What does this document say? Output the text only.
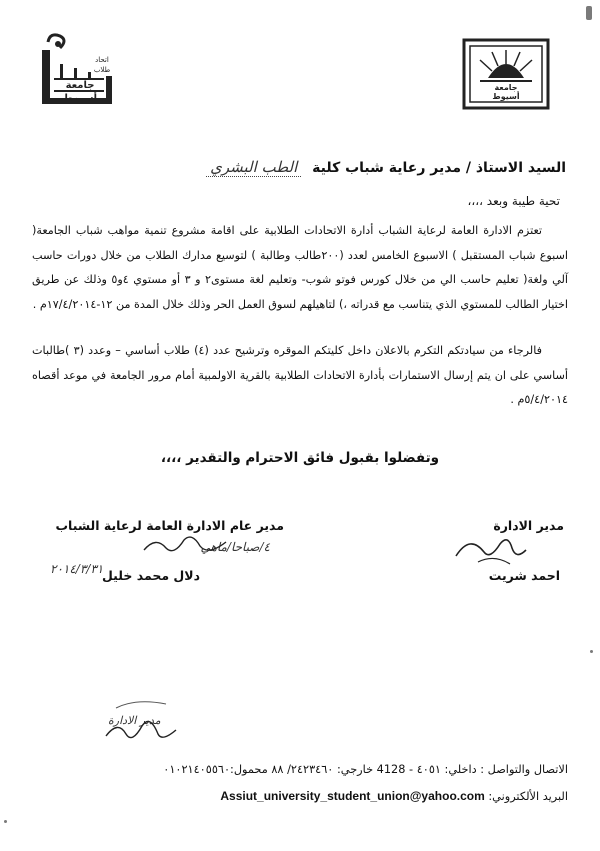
اتحاد
طلاب
جامعة
أسيوط
جامعة
أسيوط
السيد الاستاذ / مدير رعاية شباب كلية الطب البشري
تحية طيبة وبعد ،،،،
تعتزم الادارة العامة لرعاية الشباب أدارة الاتحادات الطلابية على اقامة مشروع تنمية مواهب شباب الجامعة( اسبوع شباب المستقبل ) الاسبوع الخامس لعدد (٢٠٠طالب وطالبة ) لتوسيع مدارك الطلاب من خلال دورات حاسب آلي ولغة( تعليم حاسب الي من خلال كورس فوتو شوب- وتعليم لغة مستوى٢ و ٣ أو مستوي ٤و٥ وذلك عن طريق اختيار الطالب للمستوي الذي يتناسب مع قدراته ،) لتاهيلهم لسوق العمل الحر وذلك خلال المدة من ١٢-١٧/٤/٢٠١٤م .
فالرجاء من سيادتكم التكرم بالاعلان داخل كليتكم الموقره وترشيح عدد (٤) طلاب أساسي – وعدد (٣ )طالبات أساسي على ان يتم إرسال الاستمارات بأدارة الاتحادات الطلابية بالقرية الاولمبية أمام مرور الجامعة في موعد أقصاه ٥/٤/٢٠١٤م .
وتفضلوا بقبول فائق الاحترام والتقدير ،،،،
مدير الادارة
احمد شريت
مدير عام الادارة العامة لرعاية الشباب
٤/صباحا/ماهي
٢٠١٤/٣/٣١
دلال محمد خليل
مدير الادارة
الاتصال والتواصل : داخلي: ٤٠٥١ - 4128 خارجي: ٢٤٢٣٤٦٠/ ٨٨ محمول:٠١٠٢١٤٠٥٥٦٠
البريد الألكتروني: Assiut_university_student_union@yahoo.com
